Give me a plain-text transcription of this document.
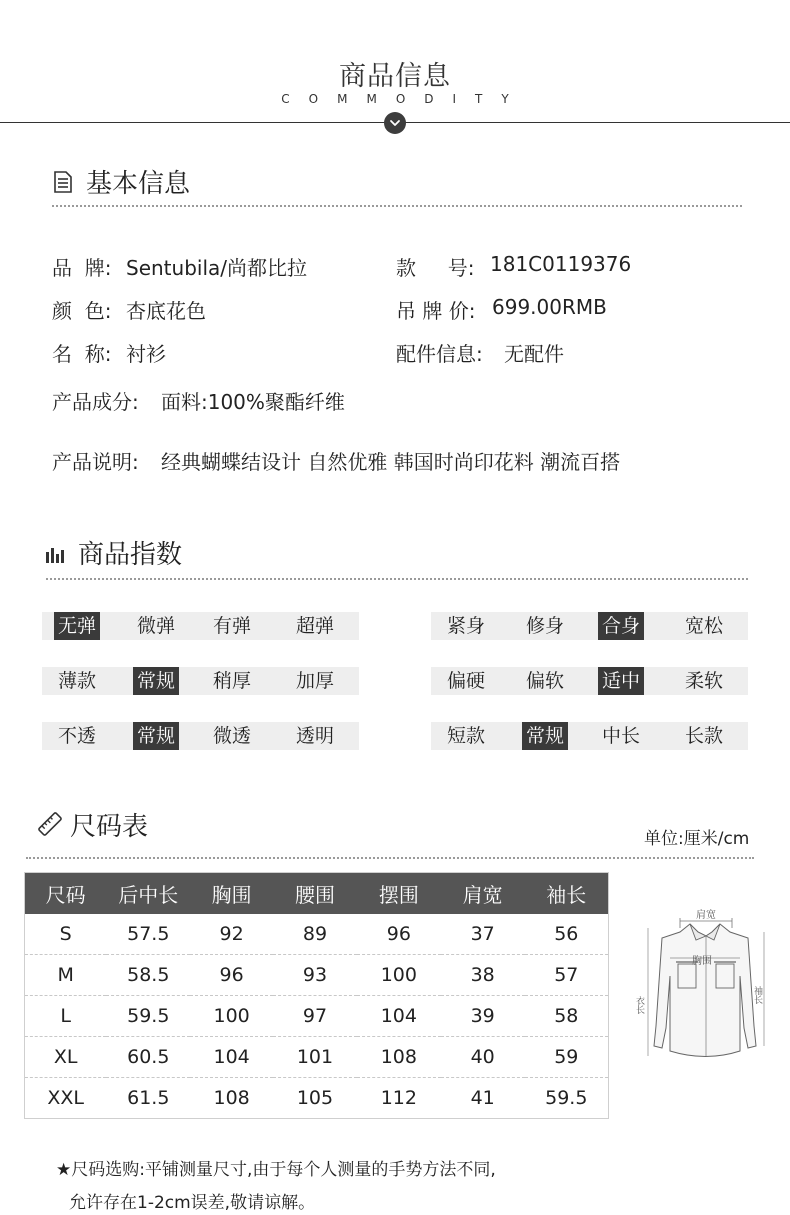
商品信息
COMMODITY
基本信息
品  牌: Sentubila/尚都比拉	款     号: 181C0119376
颜  色: 杏底花色	吊 牌 价: 699.00RMB
名  称: 衬衫	配件信息: 无配件
产品成分: 面料:100%聚酯纤维
产品说明: 经典蝴蝶结设计 自然优雅 韩国时尚印花料 潮流百搭
商品指数
无弹 微弹 有弹 超弹	紧身 修身 合身 宽松
薄款 常规 稍厚 加厚	偏硬 偏软 适中 柔软
不透 常规 微透 透明	短款 常规 中长 长款
尺码表	单位:厘米/cm
尺码	后中长	胸围	腰围	摆围	肩宽	袖长
S	57.5	92	89	96	37	56
M	58.5	96	93	100	38	57
L	59.5	100	97	104	39	58
XL	60.5	104	101	108	40	59
XXL	61.5	108	105	112	41	59.5
肩宽
胸围
衣长
袖长
★尺码选购:平铺测量尺寸,由于每个人测量的手势方法不同,
允许存在1-2cm误差,敬请谅解。
